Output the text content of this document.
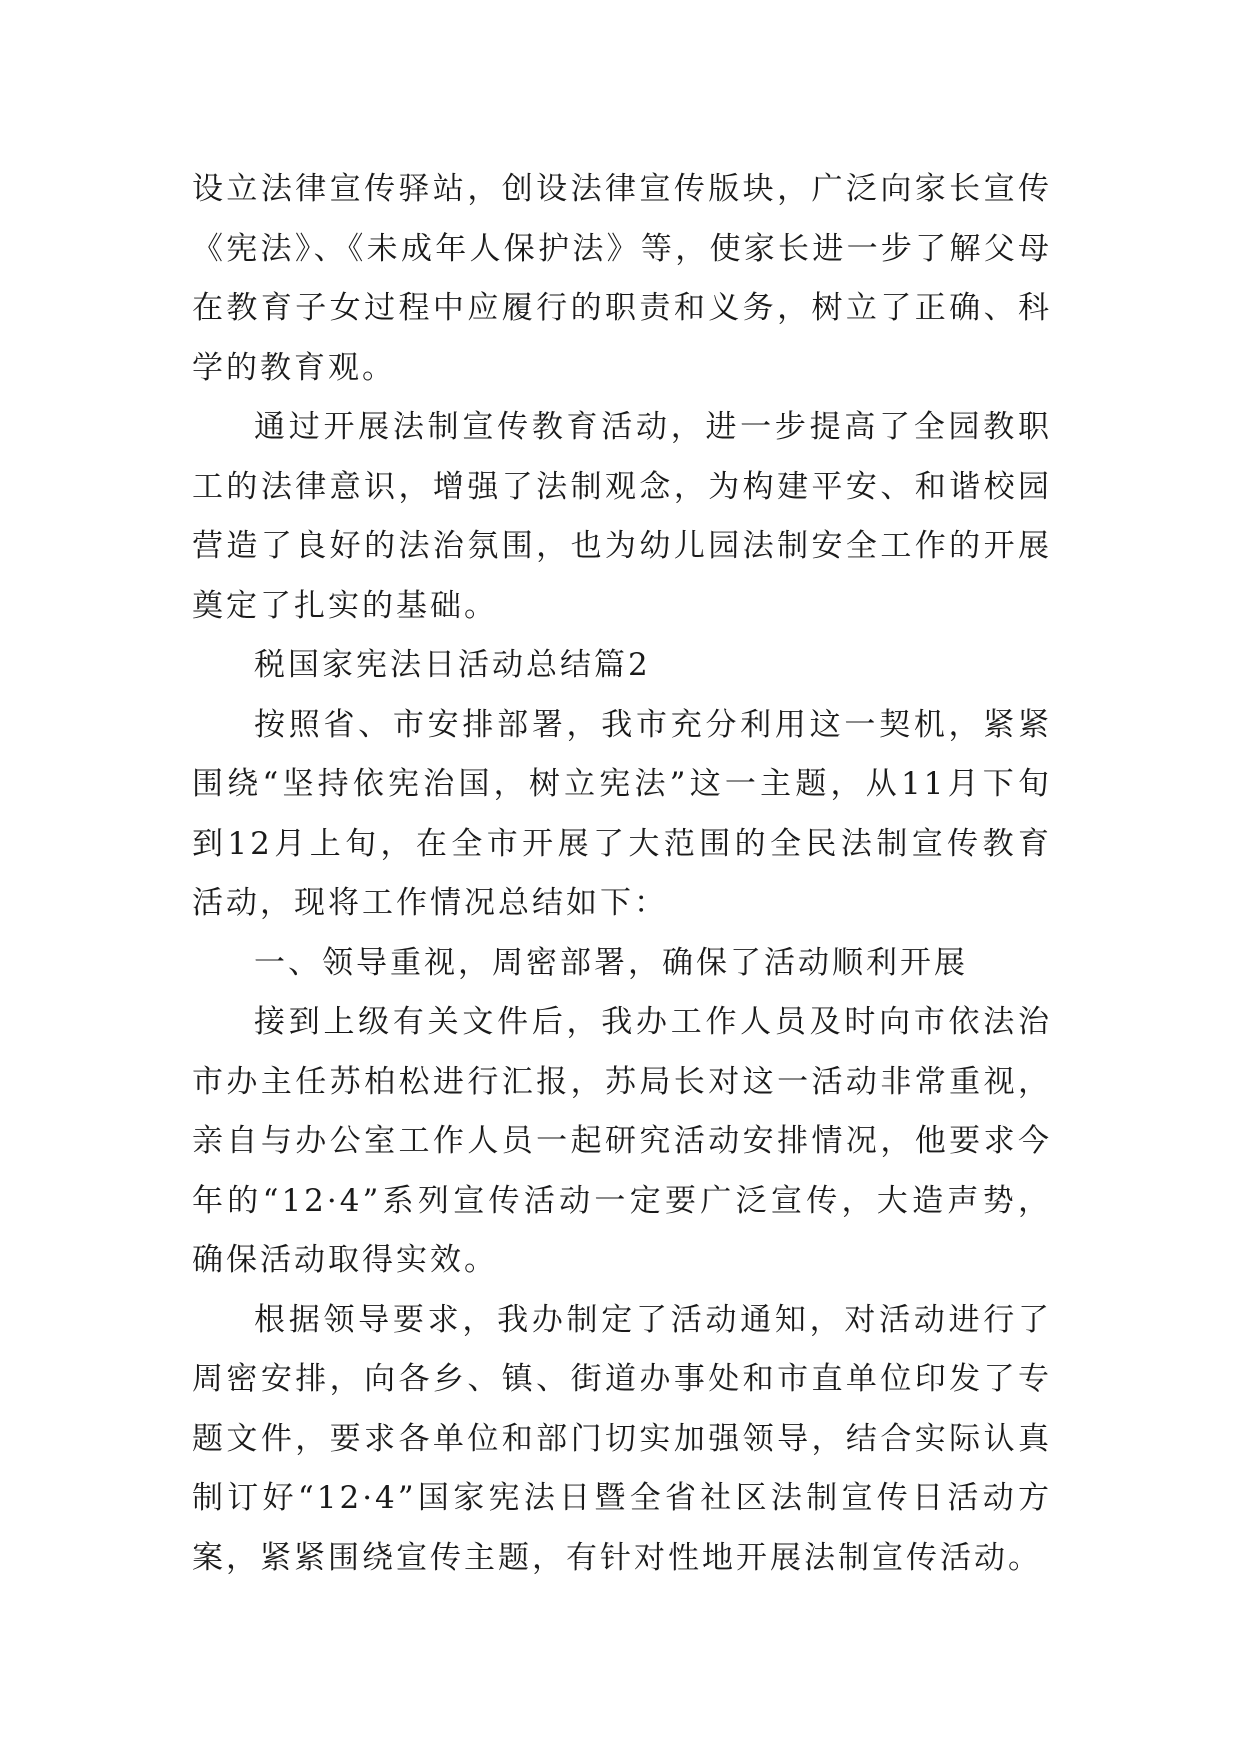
设立法律宣传驿站，创设法律宣传版块，广泛向家长宣传《宪法》、《未成年人保护法》等，使家长进一步了解父母在教育子女过程中应履行的职责和义务，树立了正确、科学的教育观。

通过开展法制宣传教育活动，进一步提高了全园教职工的法律意识，增强了法制观念，为构建平安、和谐校园营造了良好的法治氛围，也为幼儿园法制安全工作的开展奠定了扎实的基础。

税国家宪法日活动总结篇2

按照省、市安排部署，我市充分利用这一契机，紧紧围绕“坚持依宪治国，树立宪法”这一主题，从11月下旬到12月上旬，在全市开展了大范围的全民法制宣传教育活动，现将工作情况总结如下：

一、领导重视，周密部署，确保了活动顺利开展

接到上级有关文件后，我办工作人员及时向市依法治市办主任苏柏松进行汇报，苏局长对这一活动非常重视，亲自与办公室工作人员一起研究活动安排情况，他要求今年的“12·4”系列宣传活动一定要广泛宣传，大造声势，确保活动取得实效。

根据领导要求，我办制定了活动通知，对活动进行了周密安排，向各乡、镇、街道办事处和市直单位印发了专题文件，要求各单位和部门切实加强领导，结合实际认真制订好“12·4”国家宪法日暨全省社区法制宣传日活动方案，紧紧围绕宣传主题，有针对性地开展法制宣传活动。
